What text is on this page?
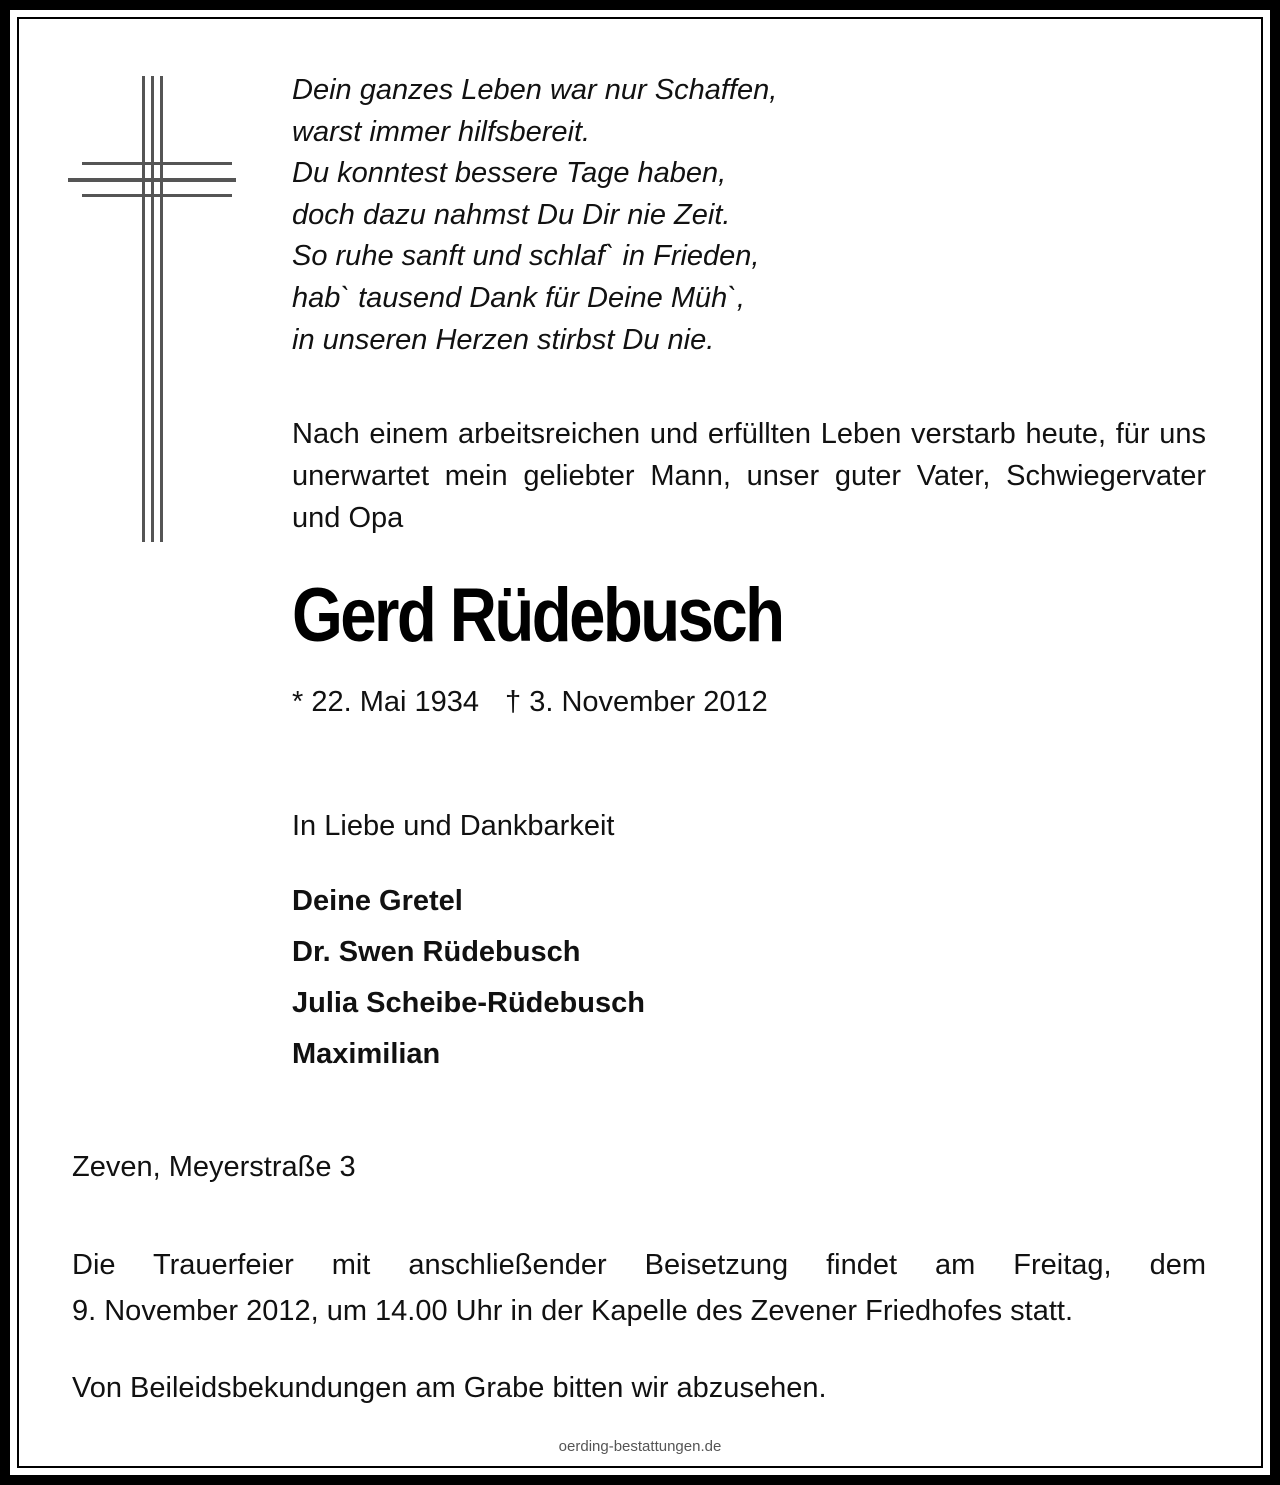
Dein ganzes Leben war nur Schaffen,
warst immer hilfsbereit.
Du konntest bessere Tage haben,
doch dazu nahmst Du Dir nie Zeit.
So ruhe sanft und schlaf` in Frieden,
hab` tausend Dank für Deine Müh`,
in unseren Herzen stirbst Du nie.

Nach einem arbeitsreichen und erfüllten Leben verstarb heute, für uns unerwartet mein geliebter Mann, unser guter Vater, Schwiegervater und Opa

Gerd Rüdebusch
* 22. Mai 1934 † 3. November 2012
In Liebe und Dankbarkeit
Deine Gretel
Dr. Swen Rüdebusch
Julia Scheibe-Rüdebusch
Maximilian
Zeven, Meyerstraße 3

Die Trauerfeier mit anschließender Beisetzung findet am Freitag, dem
9. November 2012, um 14.00 Uhr in der Kapelle des Zevener Friedhofes statt.

Von Beileidsbekundungen am Grabe bitten wir abzusehen.
oerding-bestattungen.de
